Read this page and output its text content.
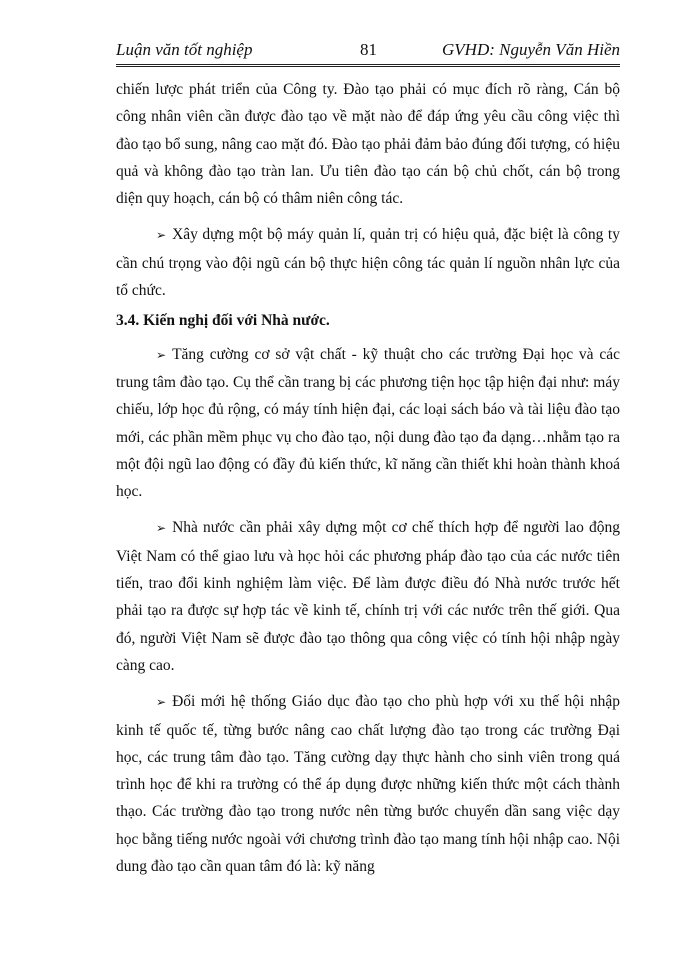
Luận văn tốt nghiệp	81	GVHD: Nguyễn Văn Hiền

chiến lược phát triển của Công ty. Đào tạo phải có mục đích rõ ràng, Cán bộ công nhân viên cần được đào tạo về mặt nào để đáp ứng yêu cầu công việc thì đào tạo bổ sung, nâng cao mặt đó. Đào tạo phải đảm bảo đúng đối tượng, có hiệu quả và không đào tạo tràn lan. Ưu tiên đào tạo cán bộ chủ chốt, cán bộ trong diện quy hoạch, cán bộ có thâm niên công tác.

➢ Xây dựng một bộ máy quản lí, quản trị có hiệu quả, đặc biệt là công ty cần chú trọng vào đội ngũ cán bộ thực hiện công tác quản lí nguồn nhân lực của tổ chức.

3.4. Kiến nghị đối với Nhà nước.

➢ Tăng cường cơ sở vật chất - kỹ thuật cho các trường Đại học và các trung tâm đào tạo. Cụ thể cần trang bị các phương tiện học tập hiện đại như: máy chiếu, lớp học đủ rộng, có máy tính hiện đại, các loại sách báo và tài liệu đào tạo mới, các phần mềm phục vụ cho đào tạo, nội dung đào tạo đa dạng…nhằm tạo ra một đội ngũ lao động có đầy đủ kiến thức, kĩ năng cần thiết khi hoàn thành khoá học.

➢ Nhà nước cần phải xây dựng một cơ chế thích hợp để người lao động Việt Nam có thể giao lưu và học hỏi các phương pháp đào tạo của các nước tiên tiến, trao đổi kinh nghiệm làm việc. Để làm được điều đó Nhà nước trước hết phải tạo ra được sự hợp tác về kinh tế, chính trị với các nước trên thế giới. Qua đó, người Việt Nam sẽ được đào tạo thông qua công việc có tính hội nhập ngày càng cao.

➢ Đổi mới hệ thống Giáo dục đào tạo cho phù hợp với xu thế hội nhập kinh tế quốc tế, từng bước nâng cao chất lượng đào tạo trong các trường Đại học, các trung tâm đào tạo. Tăng cường dạy thực hành cho sinh viên trong quá trình học để khi ra trường có thể áp dụng được những kiến thức một cách thành thạo. Các trường đào tạo trong nước nên từng bước chuyển dần sang việc dạy học bằng tiếng nước ngoài với chương trình đào tạo mang tính hội nhập cao. Nội dung đào tạo cần quan tâm đó là: kỹ năng
